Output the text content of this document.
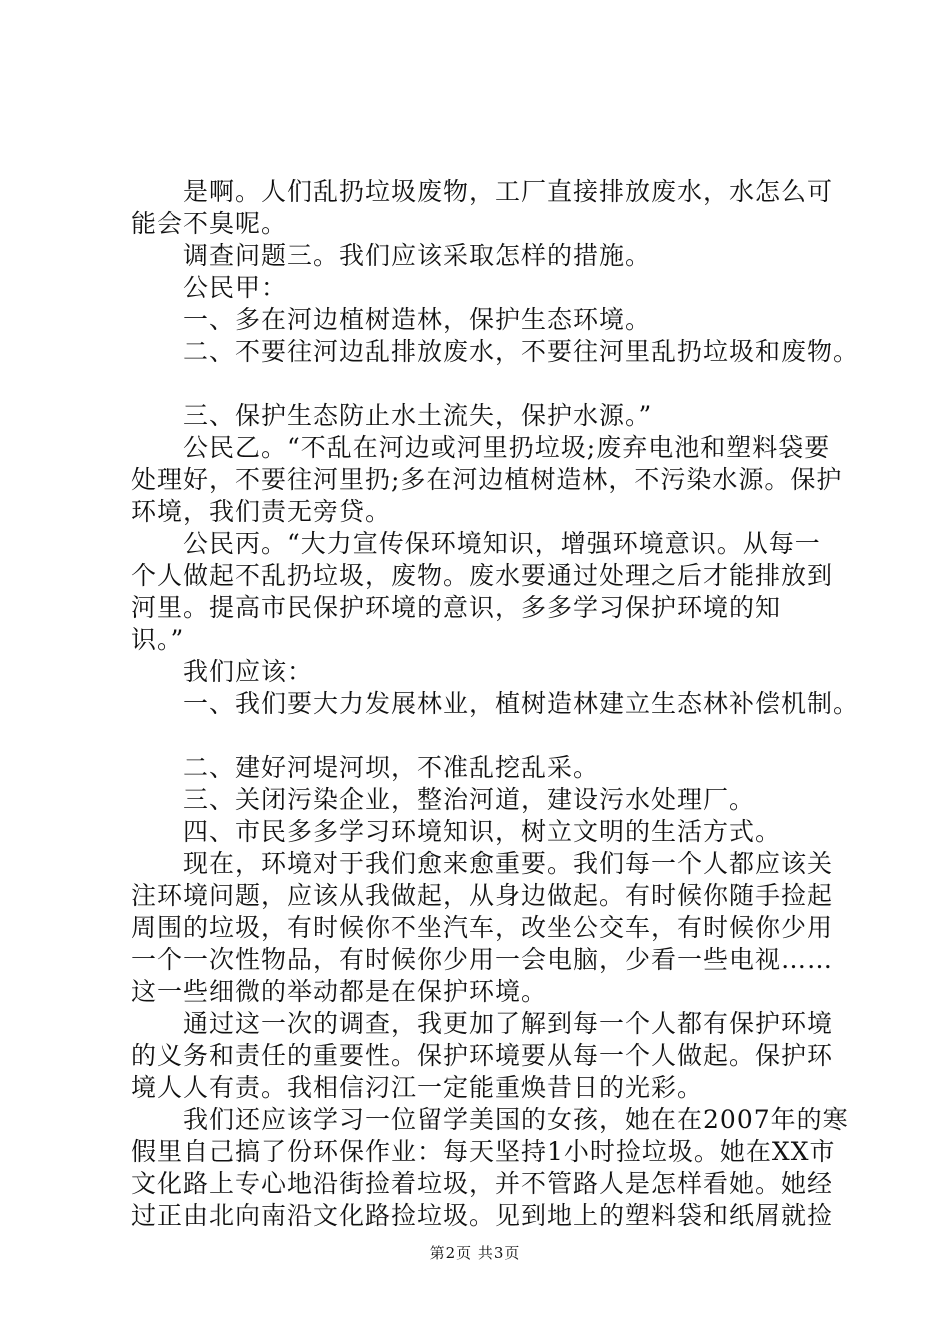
　　是啊。人们乱扔垃圾废物，工厂直接排放废水，水怎么可
能会不臭呢。
　　调查问题三。我们应该采取怎样的措施。
　　公民甲：
　　一、多在河边植树造林，保护生态环境。
　　二、不要往河边乱排放废水，不要往河里乱扔垃圾和废物。
　　三、保护生态防止水土流失，保护水源。”
　　公民乙。“不乱在河边或河里扔垃圾;废弃电池和塑料袋要
处理好，不要往河里扔;多在河边植树造林，不污染水源。保护
环境，我们责无旁贷。
　　公民丙。“大力宣传保环境知识，增强环境意识。从每一
个人做起不乱扔垃圾，废物。废水要通过处理之后才能排放到
河里。提高市民保护环境的意识，多多学习保护环境的知
识。”
　　我们应该：
　　一、我们要大力发展林业，植树造林建立生态林补偿机制。
　　二、建好河堤河坝，不准乱挖乱采。
　　三、关闭污染企业，整治河道，建设污水处理厂。
　　四、市民多多学习环境知识，树立文明的生活方式。
　　现在，环境对于我们愈来愈重要。我们每一个人都应该关
注环境问题，应该从我做起，从身边做起。有时候你随手捡起
周围的垃圾，有时候你不坐汽车，改坐公交车，有时候你少用
一个一次性物品，有时候你少用一会电脑，少看一些电视……
这一些细微的举动都是在保护环境。
　　通过这一次的调查，我更加了解到每一个人都有保护环境
的义务和责任的重要性。保护环境要从每一个人做起。保护环
境人人有责。我相信汈江一定能重焕昔日的光彩。
　　我们还应该学习一位留学美国的女孩，她在在2007年的寒
假里自己搞了份环保作业：每天坚持1小时捡垃圾。她在XX市
文化路上专心地沿街捡着垃圾，并不管路人是怎样看她。她经
过正由北向南沿文化路捡垃圾。见到地上的塑料袋和纸屑就捡
第2页 共3页
